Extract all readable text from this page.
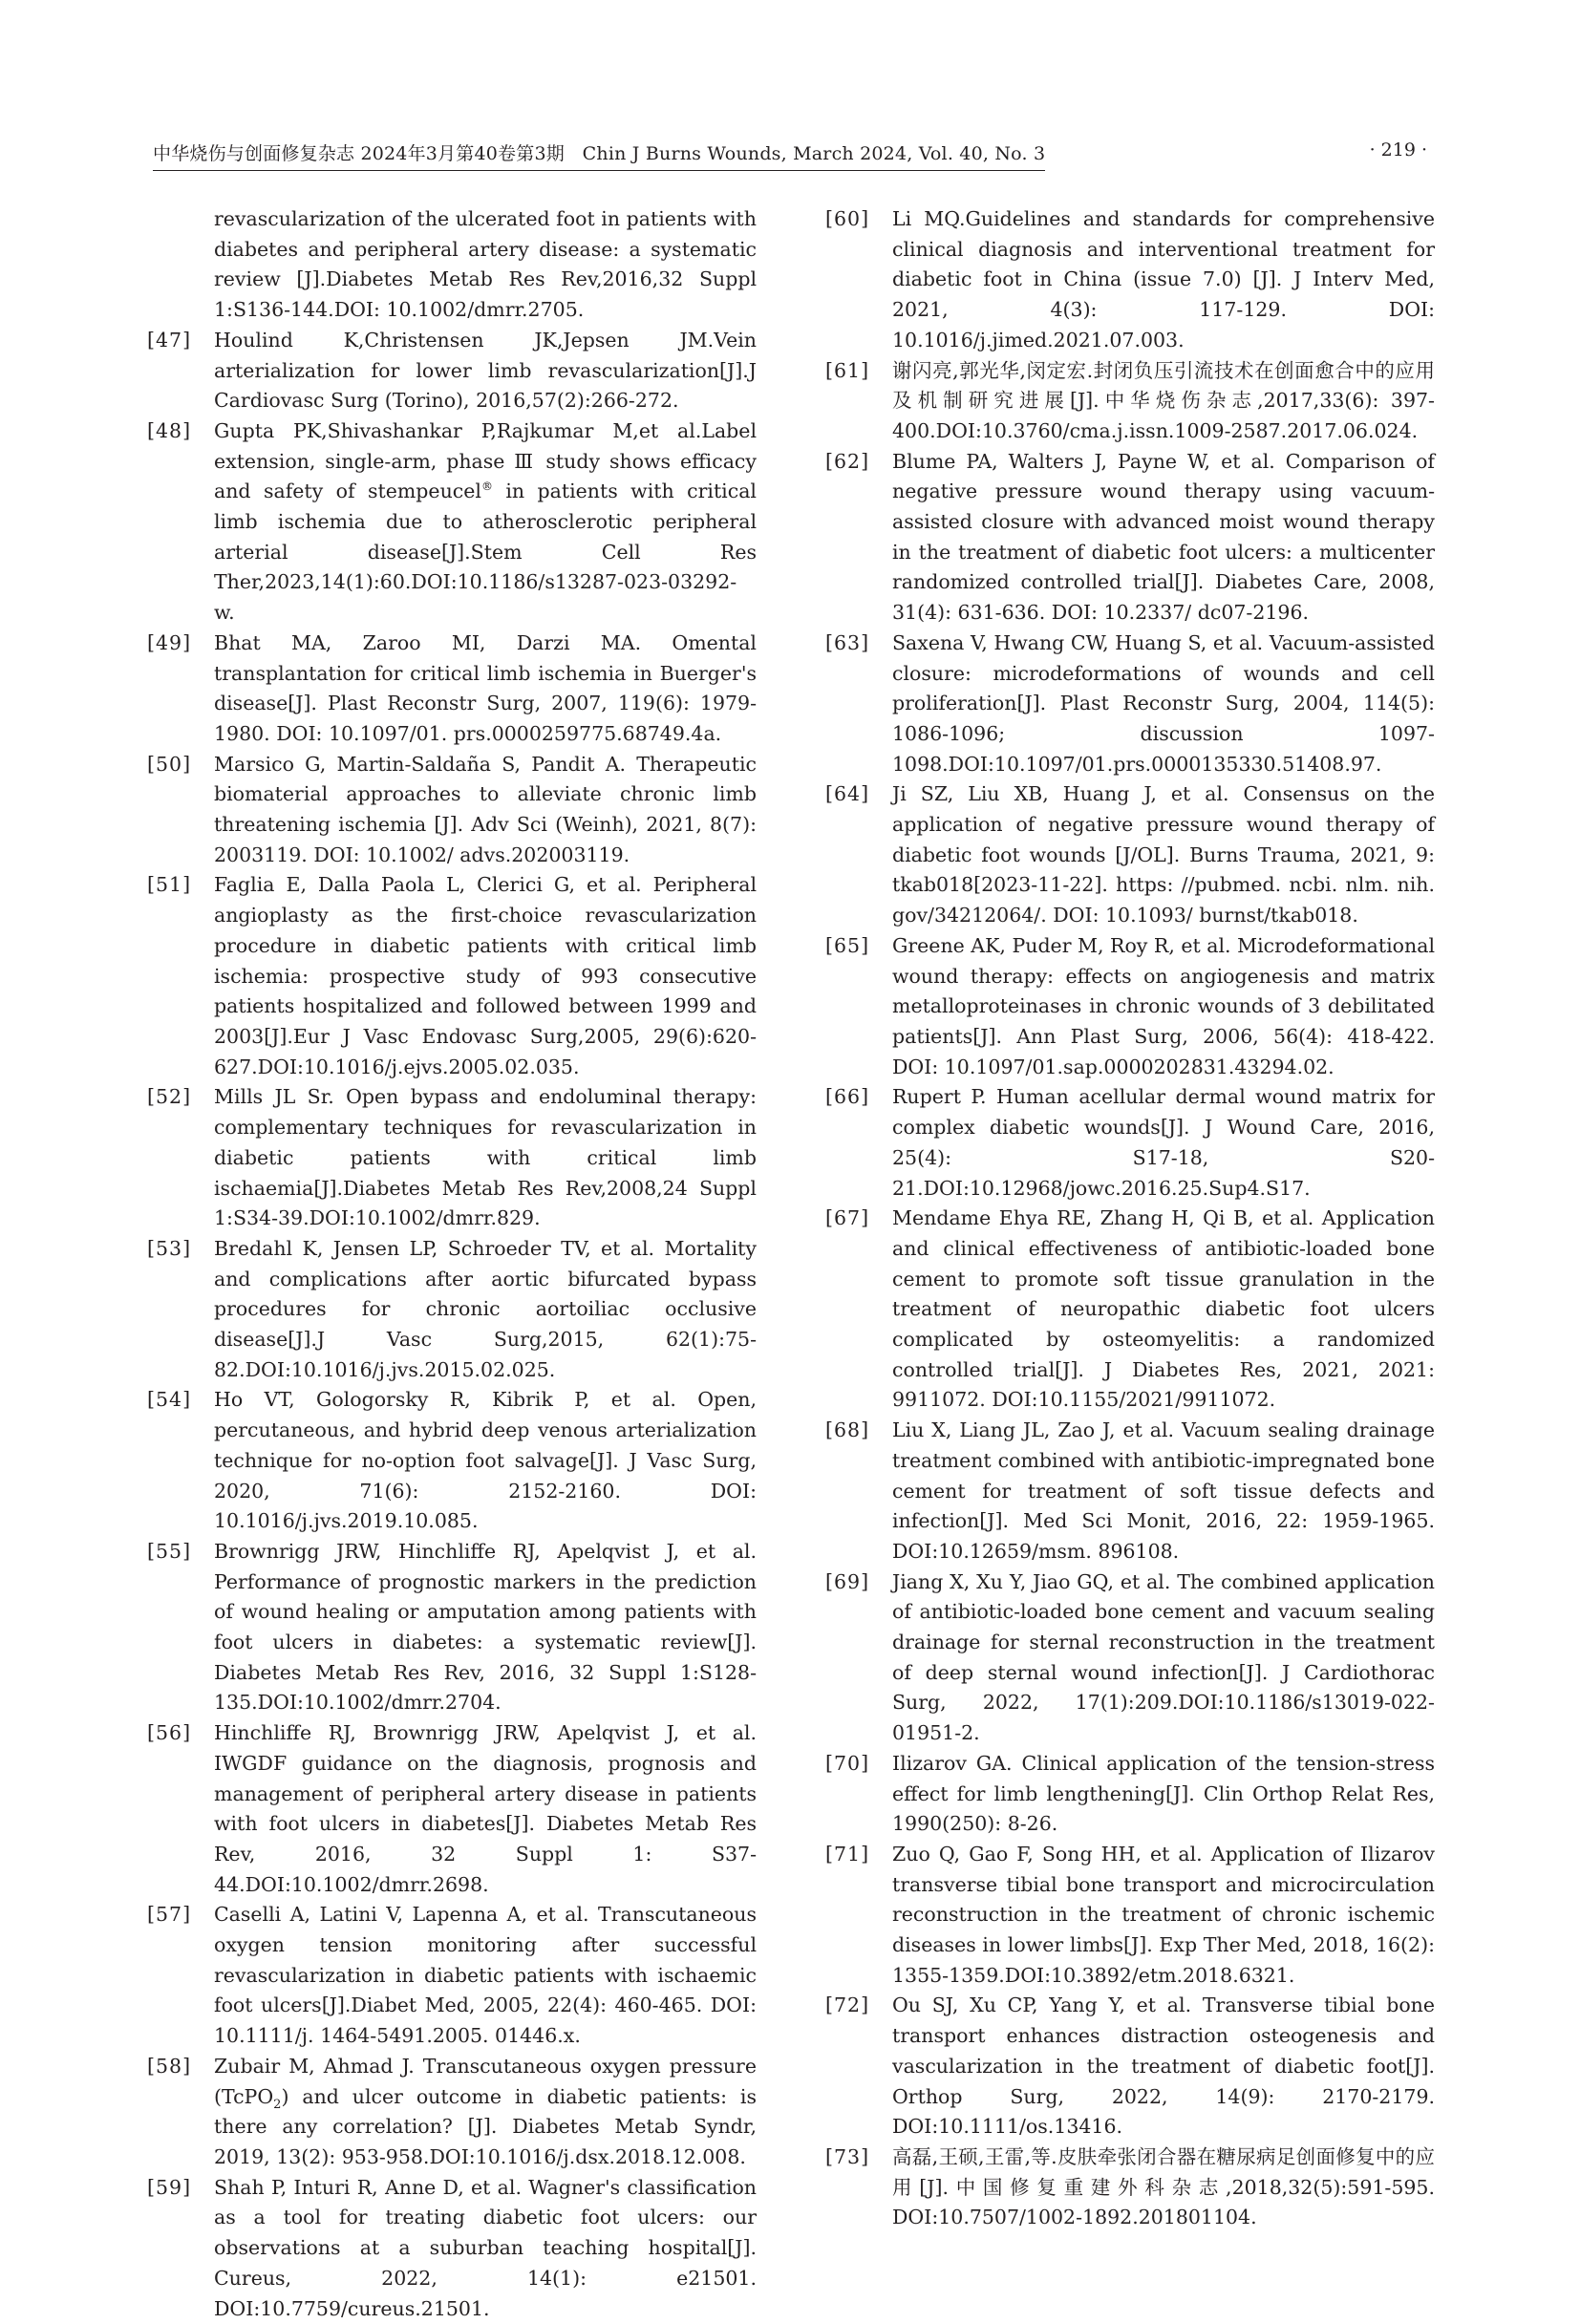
中华烧伤与创面修复杂志 2024年3月第40卷第3期 Chin J Burns Wounds, March 2024, Vol. 40, No. 3	· 219 ·
revascularization of the ulcerated foot in patients with diabetes and peripheral artery disease: a systematic review [J].Diabetes Metab Res Rev,2016,32 Suppl 1:S136-144.DOI: 10.1002/dmrr.2705.
[47]	Houlind K,Christensen JK,Jepsen JM.Vein arterialization for lower limb revascularization[J].J Cardiovasc Surg (Torino), 2016,57(2):266-272.
[48]	Gupta PK,Shivashankar P,Rajkumar M,et al.Label extension, single-arm, phase Ⅲ study shows efficacy and safety of stempeucel® in patients with critical limb ischemia due to atherosclerotic peripheral arterial disease[J].Stem Cell Res Ther,2023,14(1):60.DOI:10.1186/s13287-023-03292-w.
[49]	Bhat MA, Zaroo MI, Darzi MA. Omental transplantation for critical limb ischemia in Buerger's disease[J]. Plast Reconstr Surg, 2007, 119(6): 1979-1980. DOI: 10.1097/01. prs.0000259775.68749.4a.
[50]	Marsico G, Martin-Saldaña S, Pandit A. Therapeutic biomaterial approaches to alleviate chronic limb threatening ischemia [J]. Adv Sci (Weinh), 2021, 8(7): 2003119. DOI: 10.1002/ advs.202003119.
[51]	Faglia E, Dalla Paola L, Clerici G, et al. Peripheral angioplasty as the first-choice revascularization procedure in diabetic patients with critical limb ischemia: prospective study of 993 consecutive patients hospitalized and followed between 1999 and 2003[J].Eur J Vasc Endovasc Surg,2005, 29(6):620-627.DOI:10.1016/j.ejvs.2005.02.035.
[52]	Mills JL Sr. Open bypass and endoluminal therapy: complementary techniques for revascularization in diabetic patients with critical limb ischaemia[J].Diabetes Metab Res Rev,2008,24 Suppl 1:S34-39.DOI:10.1002/dmrr.829.
[53]	Bredahl K, Jensen LP, Schroeder TV, et al. Mortality and complications after aortic bifurcated bypass procedures for chronic aortoiliac occlusive disease[J].J Vasc Surg,2015, 62(1):75-82.DOI:10.1016/j.jvs.2015.02.025.
[54]	Ho VT, Gologorsky R, Kibrik P, et al. Open, percutaneous, and hybrid deep venous arterialization technique for no-option foot salvage[J]. J Vasc Surg, 2020, 71(6): 2152-2160. DOI: 10.1016/j.jvs.2019.10.085.
[55]	Brownrigg JRW, Hinchliffe RJ, Apelqvist J, et al. Performance of prognostic markers in the prediction of wound healing or amputation among patients with foot ulcers in diabetes: a systematic review[J]. Diabetes Metab Res Rev, 2016, 32 Suppl 1:S128-135.DOI:10.1002/dmrr.2704.
[56]	Hinchliffe RJ, Brownrigg JRW, Apelqvist J, et al. IWGDF guidance on the diagnosis, prognosis and management of peripheral artery disease in patients with foot ulcers in diabetes[J]. Diabetes Metab Res Rev, 2016, 32 Suppl 1: S37-44.DOI:10.1002/dmrr.2698.
[57]	Caselli A, Latini V, Lapenna A, et al. Transcutaneous oxygen tension monitoring after successful revascularization in diabetic patients with ischaemic foot ulcers[J].Diabet Med, 2005, 22(4): 460-465. DOI: 10.1111/j. 1464-5491.2005. 01446.x.
[58]	Zubair M, Ahmad J. Transcutaneous oxygen pressure (TcPO$_2$) and ulcer outcome in diabetic patients: is there any correlation? [J]. Diabetes Metab Syndr, 2019, 13(2): 953-958.DOI:10.1016/j.dsx.2018.12.008.
[59]	Shah P, Inturi R, Anne D, et al. Wagner's classification as a tool for treating diabetic foot ulcers: our observations at a suburban teaching hospital[J]. Cureus, 2022, 14(1): e21501. DOI:10.7759/cureus.21501.
[60]	Li MQ.Guidelines and standards for comprehensive clinical diagnosis and interventional treatment for diabetic foot in China (issue 7.0) [J]. J Interv Med, 2021, 4(3): 117-129. DOI: 10.1016/j.jimed.2021.07.003.
[61]	谢闪亮,郭光华,闵定宏.封闭负压引流技术在创面愈合中的应用及机制研究进展[J].中华烧伤杂志,2017,33(6): 397-400.DOI:10.3760/cma.j.issn.1009-2587.2017.06.024.
[62]	Blume PA, Walters J, Payne W, et al. Comparison of negative pressure wound therapy using vacuum-assisted closure with advanced moist wound therapy in the treatment of diabetic foot ulcers: a multicenter randomized controlled trial[J]. Diabetes Care, 2008, 31(4): 631-636. DOI: 10.2337/ dc07-2196.
[63]	Saxena V, Hwang CW, Huang S, et al. Vacuum-assisted closure: microdeformations of wounds and cell proliferation[J]. Plast Reconstr Surg, 2004, 114(5): 1086-1096; discussion 1097-1098.DOI:10.1097/01.prs.0000135330.51408.97.
[64]	Ji SZ, Liu XB, Huang J, et al. Consensus on the application of negative pressure wound therapy of diabetic foot wounds [J/OL]. Burns Trauma, 2021, 9: tkab018[2023-11-22]. https: //pubmed. ncbi. nlm. nih. gov/34212064/. DOI: 10.1093/ burnst/tkab018.
[65]	Greene AK, Puder M, Roy R, et al. Microdeformational wound therapy: effects on angiogenesis and matrix metalloproteinases in chronic wounds of 3 debilitated patients[J]. Ann Plast Surg, 2006, 56(4): 418-422. DOI: 10.1097/01.sap.0000202831.43294.02.
[66]	Rupert P. Human acellular dermal wound matrix for complex diabetic wounds[J]. J Wound Care, 2016, 25(4): S17-18, S20-21.DOI:10.12968/jowc.2016.25.Sup4.S17.
[67]	Mendame Ehya RE, Zhang H, Qi B, et al. Application and clinical effectiveness of antibiotic-loaded bone cement to promote soft tissue granulation in the treatment of neuropathic diabetic foot ulcers complicated by osteomyelitis: a randomized controlled trial[J]. J Diabetes Res, 2021, 2021: 9911072. DOI:10.1155/2021/9911072.
[68]	Liu X, Liang JL, Zao J, et al. Vacuum sealing drainage treatment combined with antibiotic-impregnated bone cement for treatment of soft tissue defects and infection[J]. Med Sci Monit, 2016, 22: 1959-1965. DOI:10.12659/msm. 896108.
[69]	Jiang X, Xu Y, Jiao GQ, et al. The combined application of antibiotic-loaded bone cement and vacuum sealing drainage for sternal reconstruction in the treatment of deep sternal wound infection[J]. J Cardiothorac Surg, 2022, 17(1):209.DOI:10.1186/s13019-022-01951-2.
[70]	Ilizarov GA. Clinical application of the tension-stress effect for limb lengthening[J]. Clin Orthop Relat Res, 1990(250): 8-26.
[71]	Zuo Q, Gao F, Song HH, et al. Application of Ilizarov transverse tibial bone transport and microcirculation reconstruction in the treatment of chronic ischemic diseases in lower limbs[J]. Exp Ther Med, 2018, 16(2): 1355-1359.DOI:10.3892/etm.2018.6321.
[72]	Ou SJ, Xu CP, Yang Y, et al. Transverse tibial bone transport enhances distraction osteogenesis and vascularization in the treatment of diabetic foot[J]. Orthop Surg, 2022, 14(9): 2170-2179. DOI:10.1111/os.13416.
[73]	高磊,王硕,王雷,等.皮肤牵张闭合器在糖尿病足创面修复中的应用[J].中国修复重建外科杂志,2018,32(5):591-595. DOI:10.7507/1002-1892.201801104.
